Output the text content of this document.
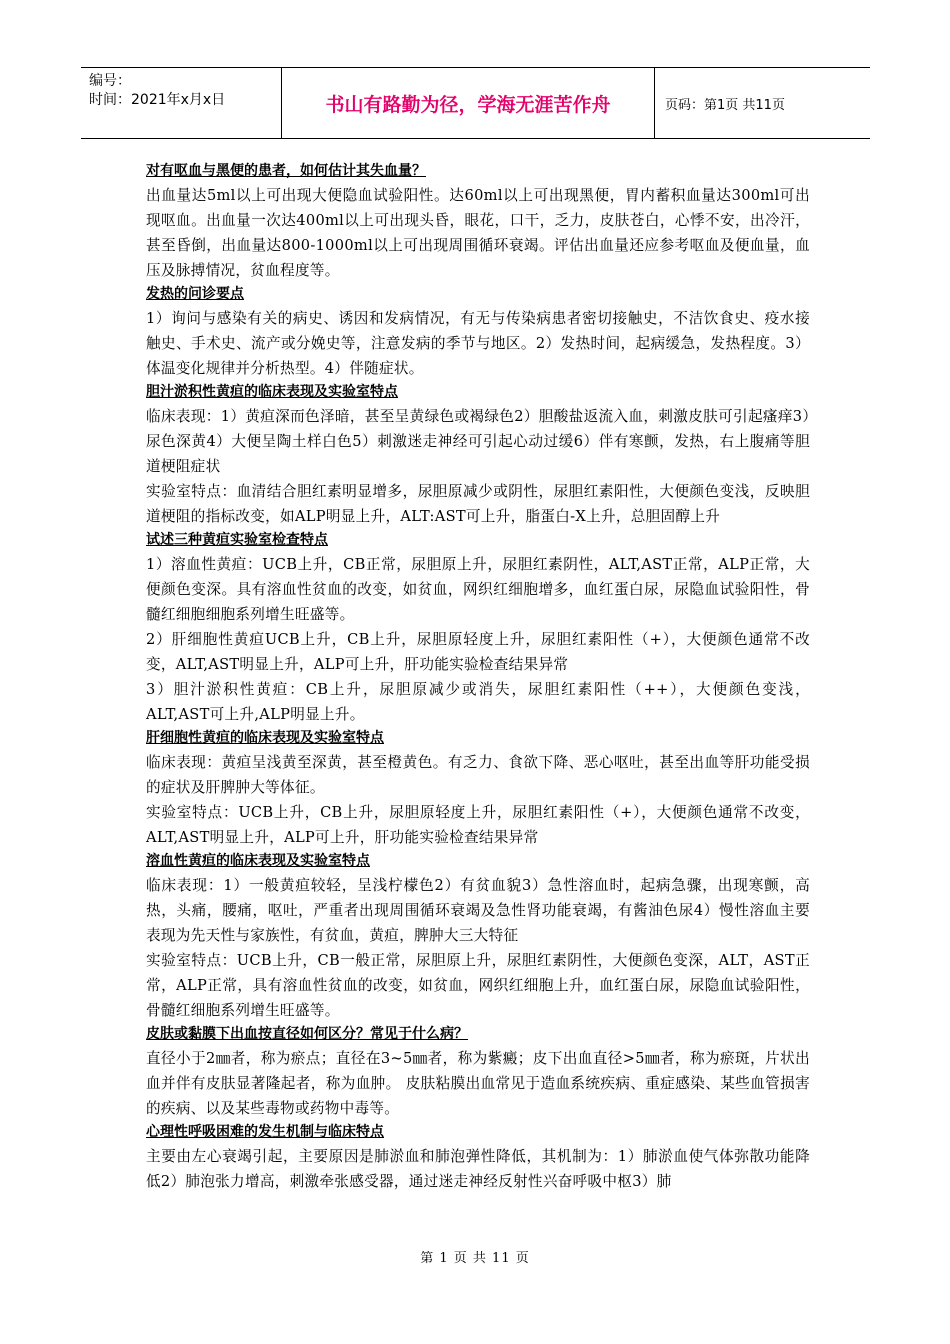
编号：
时间：2021年x月x日	书山有路勤为径，学海无涯苦作舟	页码：第1页 共11页
对有呕血与黑便的患者，如何估计其失血量？
出血量达5ml以上可出现大便隐血试验阳性。达60ml以上可出现黑便，胃内蓄积血量达300ml可出现呕血。出血量一次达400ml以上可出现头昏，眼花，口干，乏力，皮肤苍白，心悸不安，出冷汗，甚至昏倒，出血量达800-1000ml以上可出现周围循环衰竭。评估出血量还应参考呕血及便血量，血压及脉搏情况，贫血程度等。
发热的问诊要点
1）询问与感染有关的病史、诱因和发病情况，有无与传染病患者密切接触史，不洁饮食史、疫水接触史、手术史、流产或分娩史等，注意发病的季节与地区。2）发热时间，起病缓急，发热程度。3）体温变化规律并分析热型。4）伴随症状。
胆汁淤积性黄疸的临床表现及实验室特点
临床表现：1）黄疸深而色泽暗，甚至呈黄绿色或褐绿色2）胆酸盐返流入血，刺激皮肤可引起瘙痒3）尿色深黄4）大便呈陶土样白色5）刺激迷走神经可引起心动过缓6）伴有寒颤，发热，右上腹痛等胆道梗阻症状
实验室特点：血清结合胆红素明显增多，尿胆原减少或阴性，尿胆红素阳性，大便颜色变浅，反映胆道梗阻的指标改变，如ALP明显上升，ALT:AST可上升，脂蛋白-X上升，总胆固醇上升
试述三种黄疸实验室检查特点
1）溶血性黄疸：UCB上升，CB正常，尿胆原上升，尿胆红素阴性，ALT,AST正常，ALP正常，大便颜色变深。具有溶血性贫血的改变，如贫血，网织红细胞增多，血红蛋白尿，尿隐血试验阳性，骨髓红细胞细胞系列增生旺盛等。
2）肝细胞性黄疸UCB上升，CB上升，尿胆原轻度上升，尿胆红素阳性（+），大便颜色通常不改变，ALT,AST明显上升，ALP可上升，肝功能实验检查结果异常
3）胆汁淤积性黄疸：CB上升，尿胆原减少或消失，尿胆红素阳性（++），大便颜色变浅，ALT,AST可上升,ALP明显上升。
肝细胞性黄疸的临床表现及实验室特点
临床表现：黄疸呈浅黄至深黄，甚至橙黄色。有乏力、食欲下降、恶心呕吐，甚至出血等肝功能受损的症状及肝脾肿大等体征。
实验室特点：UCB上升，CB上升，尿胆原轻度上升，尿胆红素阳性（+），大便颜色通常不改变，ALT,AST明显上升，ALP可上升，肝功能实验检查结果异常
溶血性黄疸的临床表现及实验室特点
临床表现：1）一般黄疸较轻，呈浅柠檬色2）有贫血貌3）急性溶血时，起病急骤，出现寒颤，高热，头痛，腰痛，呕吐，严重者出现周围循环衰竭及急性肾功能衰竭，有酱油色尿4）慢性溶血主要表现为先天性与家族性，有贫血，黄疸，脾肿大三大特征
实验室特点：UCB上升，CB一般正常，尿胆原上升，尿胆红素阴性，大便颜色变深，ALT，AST正常，ALP正常，具有溶血性贫血的改变，如贫血，网织红细胞上升，血红蛋白尿，尿隐血试验阳性，骨髓红细胞系列增生旺盛等。
皮肤或黏膜下出血按直径如何区分？常见于什么病？
直径小于2㎜者，称为瘀点；直径在3~5㎜者，称为紫癜；皮下出血直径>5㎜者，称为瘀斑，片状出血并伴有皮肤显著隆起者，称为血肿。 皮肤粘膜出血常见于造血系统疾病、重症感染、某些血管损害的疾病、以及某些毒物或药物中毒等。
心理性呼吸困难的发生机制与临床特点
主要由左心衰竭引起，主要原因是肺淤血和肺泡弹性降低，其机制为：1）肺淤血使气体弥散功能降低2）肺泡张力增高，刺激牵张感受器，通过迷走神经反射性兴奋呼吸中枢3）肺
第 1 页 共 11 页
